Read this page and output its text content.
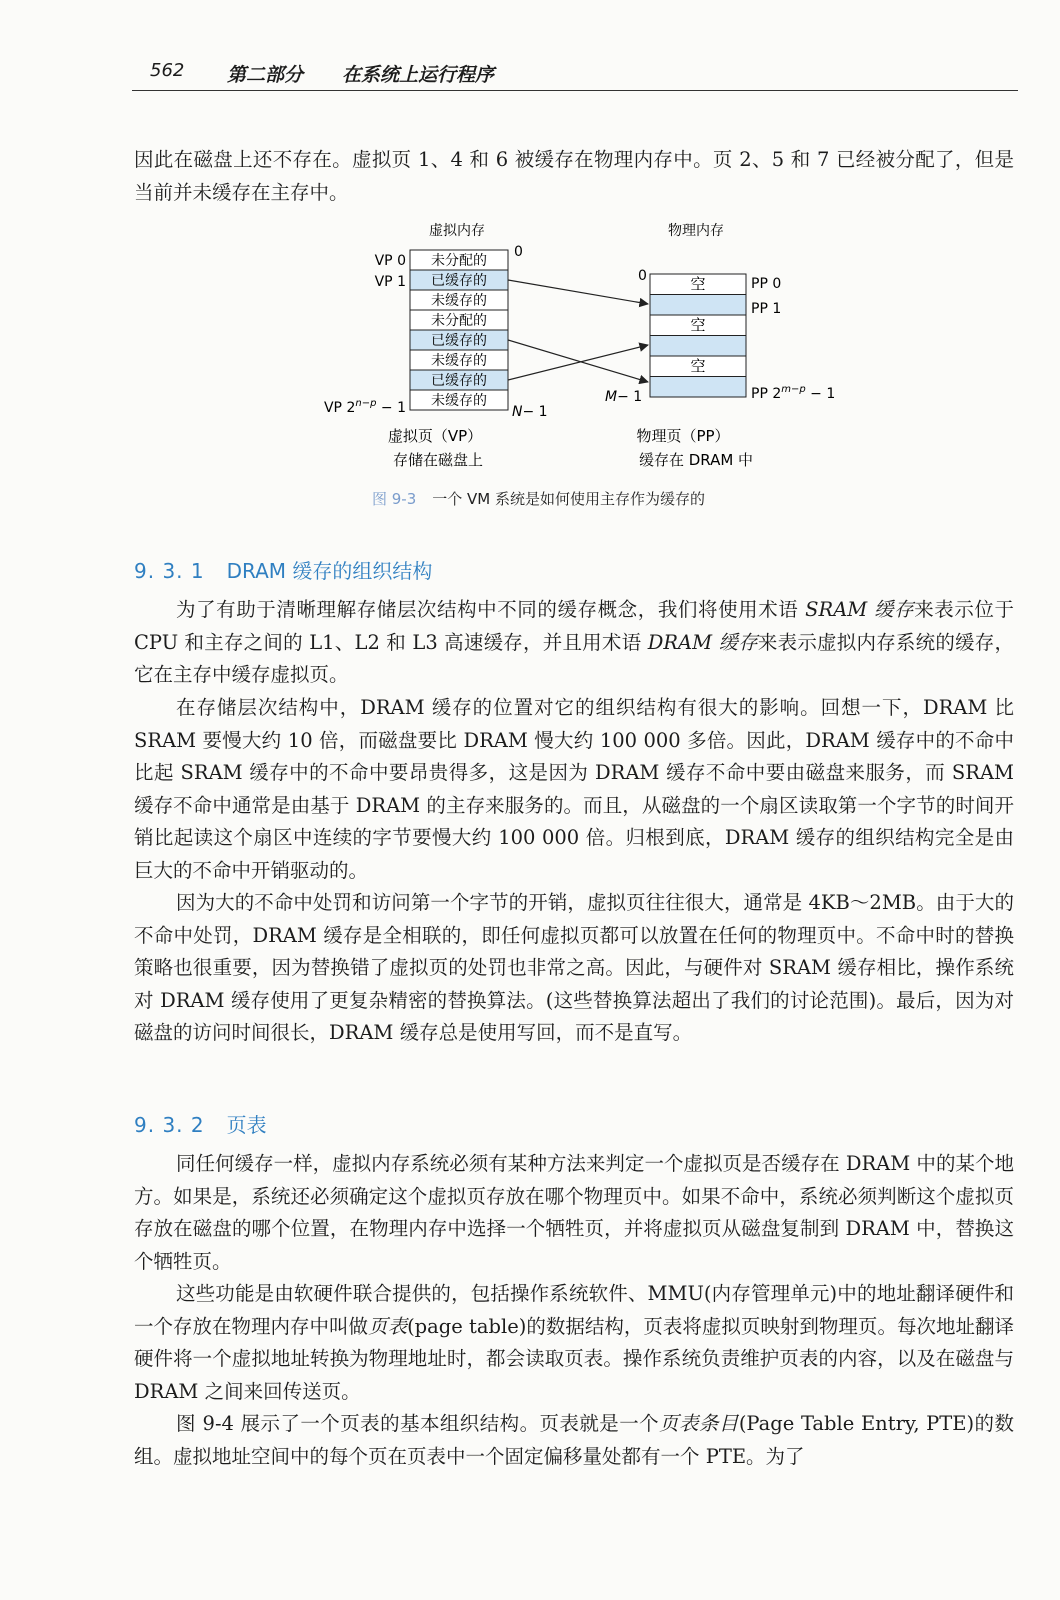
562 第二部分 在系统上运行程序

因此在磁盘上还不存在。虚拟页 1、4 和 6 被缓存在物理内存中。页 2、5 和 7 已经被分配了，但是当前并未缓存在主存中。

虚拟内存	物理内存
未分配的
已缓存的
未缓存的
未分配的
已缓存的
未缓存的
已缓存的
未缓存的
空
空
空
VP 0
VP 1
VP $2^{n-p} - 1$
0
N− 1
0
M− 1
PP 0
PP 1
PP $2^{m-p} - 1$
虚拟页（VP）
存储在磁盘上
物理页（PP）
缓存在 DRAM 中
图 9-3 一个 VM 系统是如何使用主存作为缓存的
9. 3. 1 DRAM 缓存的组织结构

为了有助于清晰理解存储层次结构中不同的缓存概念，我们将使用术语 SRAM 缓存来表示位于 CPU 和主存之间的 L1、L2 和 L3 高速缓存，并且用术语 DRAM 缓存来表示虚拟内存系统的缓存，它在主存中缓存虚拟页。

在存储层次结构中，DRAM 缓存的位置对它的组织结构有很大的影响。回想一下，DRAM 比 SRAM 要慢大约 10 倍，而磁盘要比 DRAM 慢大约 100 000 多倍。因此，DRAM 缓存中的不命中比起 SRAM 缓存中的不命中要昂贵得多，这是因为 DRAM 缓存不命中要由磁盘来服务，而 SRAM 缓存不命中通常是由基于 DRAM 的主存来服务的。而且，从磁盘的一个扇区读取第一个字节的时间开销比起读这个扇区中连续的字节要慢大约 100 000 倍。归根到底，DRAM 缓存的组织结构完全是由巨大的不命中开销驱动的。

因为大的不命中处罚和访问第一个字节的开销，虚拟页往往很大，通常是 4KB～2MB。由于大的不命中处罚，DRAM 缓存是全相联的，即任何虚拟页都可以放置在任何的物理页中。不命中时的替换策略也很重要，因为替换错了虚拟页的处罚也非常之高。因此，与硬件对 SRAM 缓存相比，操作系统对 DRAM 缓存使用了更复杂精密的替换算法。(这些替换算法超出了我们的讨论范围)。最后，因为对磁盘的访问时间很长，DRAM 缓存总是使用写回，而不是直写。

9. 3. 2 页表

同任何缓存一样，虚拟内存系统必须有某种方法来判定一个虚拟页是否缓存在 DRAM 中的某个地方。如果是，系统还必须确定这个虚拟页存放在哪个物理页中。如果不命中，系统必须判断这个虚拟页存放在磁盘的哪个位置，在物理内存中选择一个牺牲页，并将虚拟页从磁盘复制到 DRAM 中，替换这个牺牲页。

这些功能是由软硬件联合提供的，包括操作系统软件、MMU(内存管理单元)中的地址翻译硬件和一个存放在物理内存中叫做页表(page table)的数据结构，页表将虚拟页映射到物理页。每次地址翻译硬件将一个虚拟地址转换为物理地址时，都会读取页表。操作系统负责维护页表的内容，以及在磁盘与 DRAM 之间来回传送页。

图 9-4 展示了一个页表的基本组织结构。页表就是一个页表条目(Page Table Entry, PTE)的数组。虚拟地址空间中的每个页在页表中一个固定偏移量处都有一个 PTE。为了
